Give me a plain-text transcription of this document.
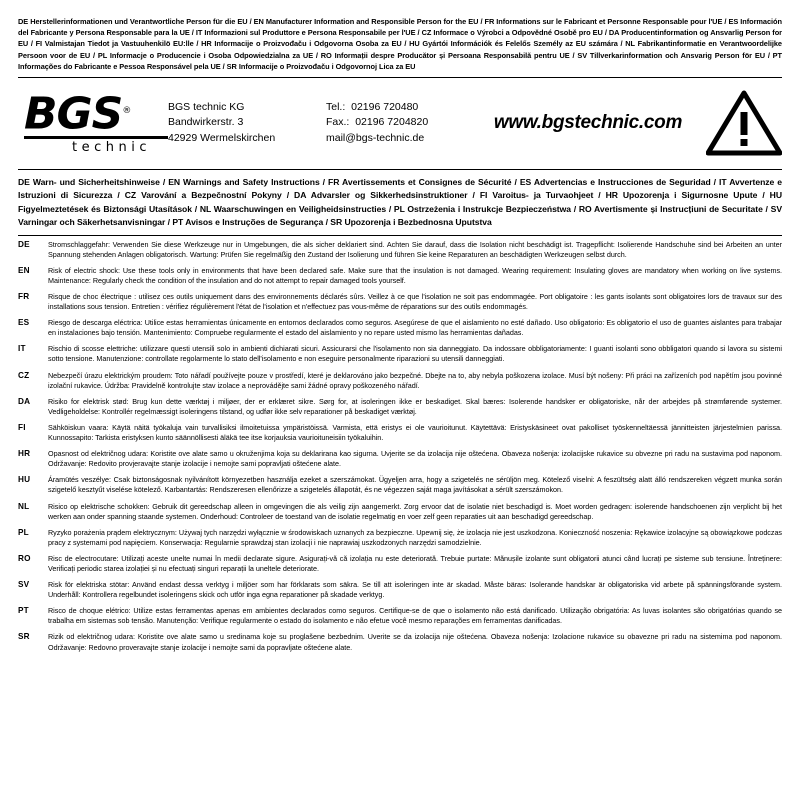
DE Herstellerinformationen und Verantwortliche Person für die EU / EN Manufacturer Information and Responsible Person for the EU / FR Informations sur le Fabricant et Personne Responsable pour l'UE / ES Información del Fabricante y Persona Responsable para la UE / IT Informazioni sul Produttore e Persona Responsabile per l'UE / CZ Informace o Výrobci a Odpovědné Osobě pro EU / DA Producentinformation og Ansvarlig Person for EU / FI Valmistajan Tiedot ja Vastuuhenkilö EU:lle / HR Informacije o Proizvođaču i Odgovorna Osoba za EU / HU Gyártói Információk és Felelős Személy az EU számára / NL Fabrikantinformatie en Verantwoordelijke Persoon voor de EU / PL Informacje o Producencie i Osoba Odpowiedzialna za UE / RO Informații despre Producător și Persoana Responsabilă pentru UE / SV Tillverkarinformation och Ansvarig Person för EU / PT Informações do Fabricante e Pessoa Responsável pela UE / SR Informacije o Proizvođaču i Odgovornoj Lica za EU
BGS®
technic
BGS technic KG
Bandwirkerstr. 3
42929 Wermelskirchen
Tel.: 02196 720480
Fax.: 02196 7204820
mail@bgs-technic.de
www.bgstechnic.com
DE Warn- und Sicherheitshinweise / EN Warnings and Safety Instructions / FR Avertissements et Consignes de Sécurité / ES Advertencias e Instrucciones de Seguridad / IT Avvertenze e Istruzioni di Sicurezza / CZ Varování a Bezpečnostní Pokyny / DA Advarsler og Sikkerhedsinstruktioner / FI Varoitus- ja Turvaohjeet / HR Upozorenja i Sigurnosne Upute / HU Figyelmeztetések és Biztonsági Utasítások / NL Waarschuwingen en Veiligheidsinstructies / PL Ostrzeżenia i Instrukcje Bezpieczeństwa / RO Avertismente și Instrucțiuni de Securitate / SV Varningar och Säkerhetsanvisningar / PT Avisos e Instruções de Segurança / SR Upozorenja i Bezbednosna Uputstva
DE	Stromschlaggefahr: Verwenden Sie diese Werkzeuge nur in Umgebungen, die als sicher deklariert sind. Achten Sie darauf, dass die Isolation nicht beschädigt ist. Tragepflicht: Isolierende Handschuhe sind bei Arbeiten an unter Spannung stehenden Anlagen obligatorisch. Wartung: Prüfen Sie regelmäßig den Zustand der Isolierung und führen Sie keine Reparaturen an beschädigten Werkzeugen selbst durch.
EN	Risk of electric shock: Use these tools only in environments that have been declared safe. Make sure that the insulation is not damaged. Wearing requirement: Insulating gloves are mandatory when working on live systems. Maintenance: Regularly check the condition of the insulation and do not attempt to repair damaged tools yourself.
FR	Risque de choc électrique : utilisez ces outils uniquement dans des environnements déclarés sûrs. Veillez à ce que l'isolation ne soit pas endommagée. Port obligatoire : les gants isolants sont obligatoires lors de travaux sur des installations sous tension. Entretien : vérifiez régulièrement l'état de l'isolation et n'effectuez pas vous-même de réparations sur des outils endommagés.
ES	Riesgo de descarga eléctrica: Utilice estas herramientas únicamente en entornos declarados como seguros. Asegúrese de que el aislamiento no esté dañado. Uso obligatorio: Es obligatorio el uso de guantes aislantes para trabajar en instalaciones bajo tensión. Mantenimiento: Compruebe regularmente el estado del aislamiento y no repare usted mismo las herramientas dañadas.
IT	Rischio di scosse elettriche: utilizzare questi utensili solo in ambienti dichiarati sicuri. Assicurarsi che l'isolamento non sia danneggiato. Da indossare obbligatoriamente: I guanti isolanti sono obbligatori quando si lavora su sistemi sotto tensione. Manutenzione: controllate regolarmente lo stato dell'isolamento e non eseguire personalmente riparazioni su utensili danneggiati.
CZ	Nebezpečí úrazu elektrickým proudem: Toto nářadí používejte pouze v prostředí, které je deklarováno jako bezpečné. Dbejte na to, aby nebyla poškozena izolace. Musí být nošeny: Při práci na zařízeních pod napětím jsou povinné izolační rukavice. Údržba: Pravidelně kontrolujte stav izolace a neprovádějte sami žádné opravy poškozeného nářadí.
DA	Risiko for elektrisk stød: Brug kun dette værktøj i miljøer, der er erklæret sikre. Sørg for, at isoleringen ikke er beskadiget. Skal bæres: Isolerende handsker er obligatoriske, når der arbejdes på strømførende systemer. Vedligeholdelse: Kontrollér regelmæssigt isoleringens tilstand, og udfør ikke selv reparationer på beskadiget værktøj.
FI	Sähköiskun vaara: Käytä näitä työkaluja vain turvallisiksi ilmoitetuissa ympäristöissä. Varmista, että eristys ei ole vaurioitunut. Käytettävä: Eristyskäsineet ovat pakolliset työskenneltäessä jännitteisten järjestelmien parissa. Kunnossapito: Tarkista eristyksen kunto säännöllisesti äläkä tee itse korjauksia vaurioituneisiin työkaluihin.
HR	Opasnost od električnog udara: Koristite ove alate samo u okruženjima koja su deklarirana kao sigurna. Uvjerite se da izolacija nije oštećena. Obaveza nošenja: izolacijske rukavice su obvezne pri radu na sustavima pod naponom. Održavanje: Redovito provjeravajte stanje izolacije i nemojte sami popravljati oštećene alate.
HU	Áramütés veszélye: Csak biztonságosnak nyilvánított környezetben használja ezeket a szerszámokat. Ügyeljen arra, hogy a szigetelés ne sérüljön meg. Kötelező viselni: A feszültség alatt álló rendszereken végzett munka során szigetelő kesztyűt viselése kötelező. Karbantartás: Rendszeresen ellenőrizze a szigetelés állapotát, és ne végezzen saját maga javításokat a sérült szerszámokon.
NL	Risico op elektrische schokken: Gebruik dit gereedschap alleen in omgevingen die als veilig zijn aangemerkt. Zorg ervoor dat de isolatie niet beschadigd is. Moet worden gedragen: isolerende handschoenen zijn verplicht bij het werken aan onder spanning staande systemen. Onderhoud: Controleer de toestand van de isolatie regelmatig en voer zelf geen reparaties uit aan beschadigd gereedschap.
PL	Ryzyko porażenia prądem elektrycznym: Używaj tych narzędzi wyłącznie w środowiskach uznanych za bezpieczne. Upewnij się, że izolacja nie jest uszkodzona. Konieczność noszenia: Rękawice izolacyjne są obowiązkowe podczas pracy z systemami pod napięciem. Konserwacja: Regularnie sprawdzaj stan izolacji i nie naprawiaj uszkodzonych narzędzi samodzielnie.
RO	Risc de electrocutare: Utilizați aceste unelte numai în medii declarate sigure. Asigurați-vă că izolația nu este deteriorată. Trebuie purtate: Mănușile izolante sunt obligatorii atunci când lucrați pe sisteme sub tensiune. Întreținere: Verificați periodic starea izolației și nu efectuați singuri reparații la uneltele deteriorate.
SV	Risk för elektriska stötar: Använd endast dessa verktyg i miljöer som har förklarats som säkra. Se till att isoleringen inte är skadad. Måste bäras: Isolerande handskar är obligatoriska vid arbete på spänningsförande system. Underhåll: Kontrollera regelbundet isoleringens skick och utför inga egna reparationer på skadade verktyg.
PT	Risco de choque elétrico: Utilize estas ferramentas apenas em ambientes declarados como seguros. Certifique-se de que o isolamento não está danificado. Utilização obrigatória: As luvas isolantes são obrigatórias quando se trabalha em sistemas sob tensão. Manutenção: Verifique regularmente o estado do isolamento e não efetue você mesmo reparações em ferramentas danificadas.
SR	Rizik od električnog udara: Koristite ove alate samo u sredinama koje su proglašene bezbednim. Uverite se da izolacija nije oštećena. Obaveza nošenja: Izolacione rukavice su obavezne pri radu na sistemima pod naponom. Održavanje: Redovno proveravajte stanje izolacije i nemojte sami da popravljate oštećene alate.
